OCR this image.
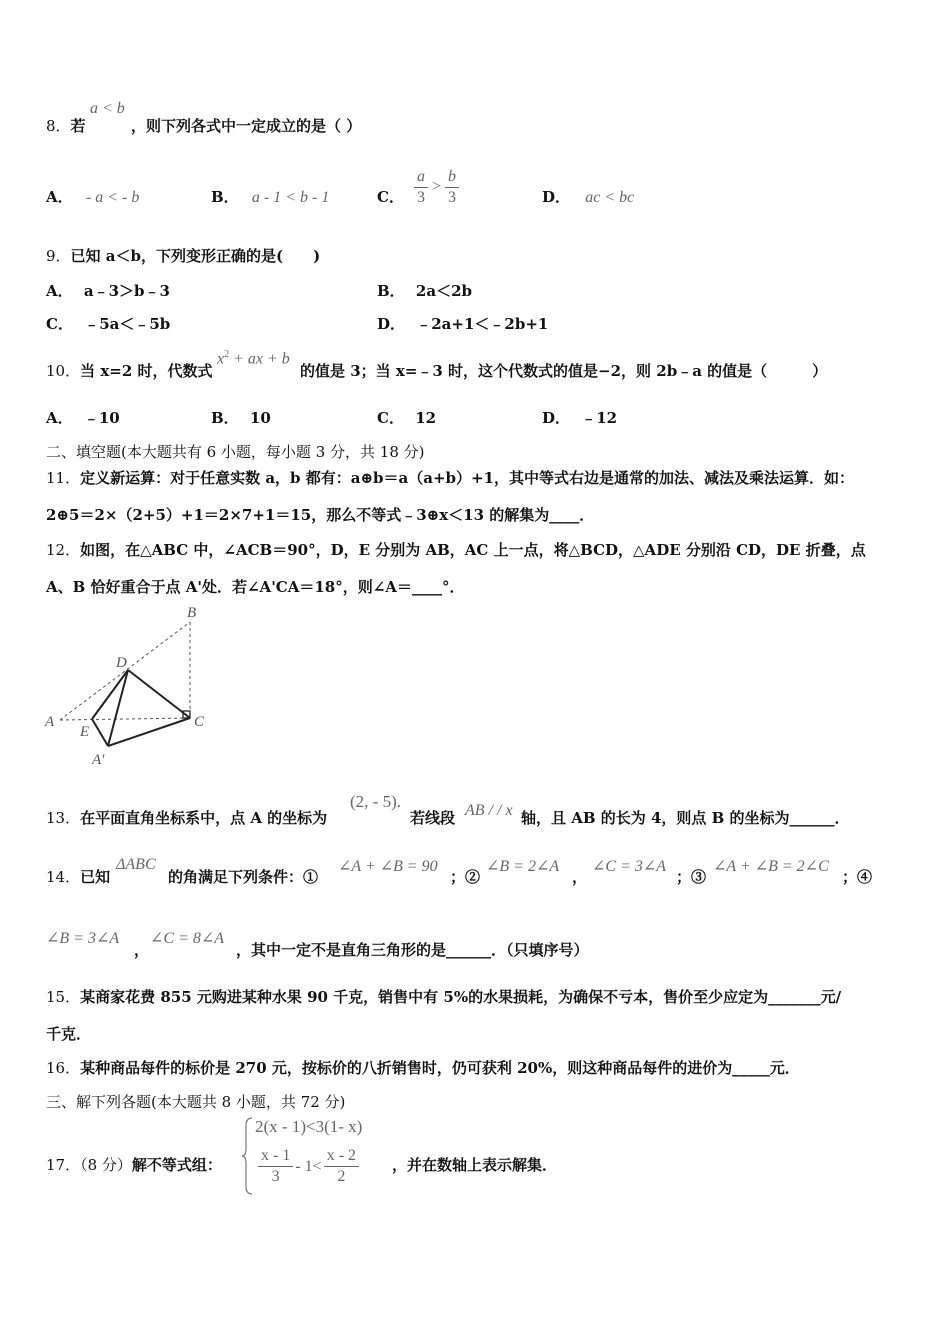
8．若
a < b
，则下列各式中一定成立的是（ ）
A． - a < - b	B． a - 1 < b - 1	C． $\frac{a}{3} > \frac{b}{3}$	D． ac < bc
9．已知 a＜b，下列变形正确的是(　　)
A． a﹣3＞b﹣3	B． 2a＜2b
C． ﹣5a＜﹣5b	D． ﹣2a+1＜﹣2b+1
10．当 x=2 时，代数式
$x^2$ + ax + b
的值是 3；当 x=﹣3 时，这个代数式的值是−2，则 2b﹣a 的值是（　　　）
A． ﹣10	B． 10	C． 12	D． ﹣12
二、填空题(本大题共有 6 小题，每小题 3 分，共 18 分)
11．定义新运算：对于任意实数 a，b 都有：a⊕b＝a（a+b）+1，其中等式右边是通常的加法、减法及乘法运算．如：
2⊕5＝2×（2+5）+1＝2×7+1＝15，那么不等式﹣3⊕x＜13 的解集为____．
12．如图，在△ABC 中，∠ACB＝90°，D，E 分别为 AB，AC 上一点，将△BCD，△ADE 分别沿 CD，DE 折叠，点
A、B 恰好重合于点 A'处．若∠A'CA＝18°，则∠A＝____°．
B
D
A
E
C
A'
13．在平面直角坐标系中，点 A 的坐标为
(2, - 5).
若线段 AB / / x 轴，且 AB 的长为 4，则点 B 的坐标为______．
14．已知
ΔABC
的角满足下列条件：①
∠A + ∠B = 90
；②
∠B = 2∠A
，
∠C = 3∠A
；③
∠A + ∠B = 2∠C
；④
∠B = 3∠A
，
∠C = 8∠A
，其中一定不是直角三角形的是______．（只填序号）
15．某商家花费 855 元购进某种水果 90 千克，销售中有 5%的水果损耗，为确保不亏本，售价至少应定为_______元/
千克．
16．某种商品每件的标价是 270 元，按标价的八折销售时，仍可获利 20%，则这种商品每件的进价为_____元．
三、解下列各题(本大题共 8 小题，共 72 分)
17．（8 分）解不等式组：
2(x - 1)<3(1- x)
$\frac{x - 1}{3} - 1< \frac{x - 2}{2}$ ，并在数轴上表示解集．
